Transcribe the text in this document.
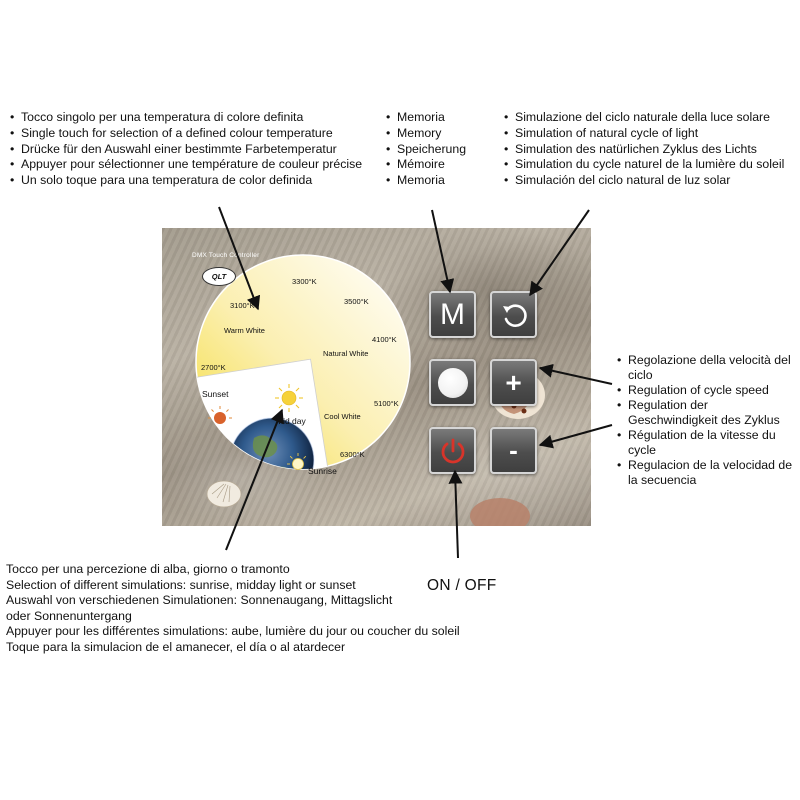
• Tocco singolo per una temperatura di colore definita
• Single touch for selection of a defined colour temperature
• Drücke für den Auswahl einer bestimmte Farbetemperatur
• Appuyer pour sélectionner une température de couleur précise
• Un solo toque para una temperatura de color definida
• Memoria
• Memory
• Speicherung
• Mémoire
• Memoria
• Simulazione del ciclo naturale della luce solare
• Simulation of natural cycle of light
• Simulation des natürlichen Zyklus des Lichts
• Simulation du cycle naturel de la lumière du soleil
• Simulación del ciclo natural de luz solar
• Regolazione della velocità del ciclo
• Regulation of cycle speed
• Regulation der Geschwindigkeit des Zyklus
• Régulation de la vitesse du cycle
• Regulacion de la velocidad de la secuencia
Tocco per una percezione di alba, giorno o tramonto
Selection of different simulations: sunrise, midday light or sunset
Auswahl von verschiedenen Simulationen: Sonnenaugang, Mittagslicht
oder Sonnenuntergang
Appuyer pour les différentes simulations: aube, lumière du jour ou coucher du soleil
Toque para la simulacion de el amanecer, el día o al atardecer
ON / OFF
DMX Touch Controller
QLT
3300°K
3100°K	3500°K
Warm White
4100°K
Natural White
2700°K
5100°K
Cool White
6300°K
Sunset
Mid day
Sunrise
M
+
-
